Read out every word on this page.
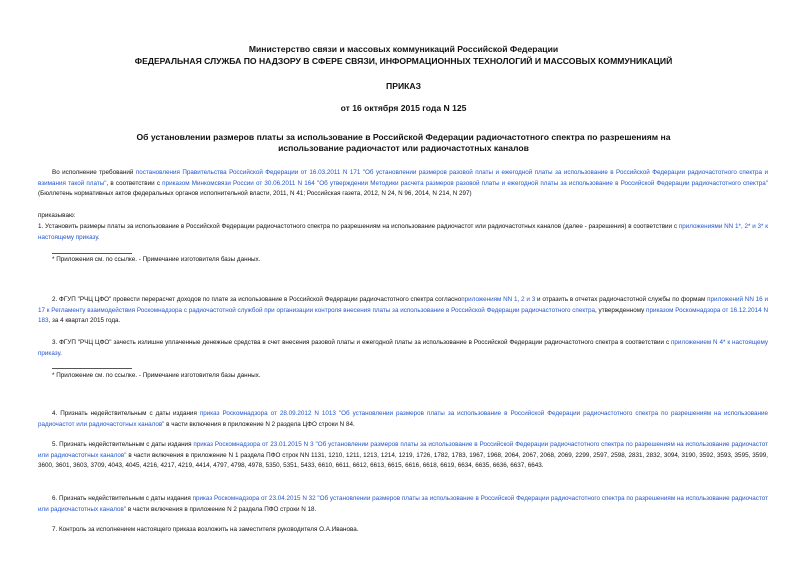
Министерство связи и массовых коммуникаций Российской Федерации
ФЕДЕРАЛЬНАЯ СЛУЖБА ПО НАДЗОРУ В СФЕРЕ СВЯЗИ, ИНФОРМАЦИОННЫХ ТЕХНОЛОГИЙ И МАССОВЫХ КОММУНИКАЦИЙ
ПРИКАЗ
от 16 октября 2015 года N 125
Об установлении размеров платы за использование в Российской Федерации радиочастотного спектра по разрешениям на использование радиочастот или радиочастотных каналов
Во исполнение требований постановления Правительства Российской Федерации от 16.03.2011 N 171 "Об установлении размеров разовой платы и ежегодной платы за использование в Российской Федерации радиочастотного спектра и взимания такой платы", в соответствии с приказом Минкомсвязи России от 30.06.2011 N 164 "Об утверждении Методики расчета размеров разовой платы и ежегодной платы за использование в Российской Федерации радиочастотного спектра" (Бюллетень нормативных актов федеральных органов исполнительной власти, 2011, N 41; Российская газета, 2012, N 24, N 96, 2014, N 214, N 297)
приказываю:
1. Установить размеры платы за использование в Российской Федерации радиочастотного спектра по разрешениям на использование радиочастот или радиочастотных каналов (далее - разрешения) в соответствии с приложениями NN 1*, 2* и 3* к настоящему приказу.
* Приложения см. по ссылке. - Примечание изготовителя базы данных.
2. ФГУП "РЧЦ ЦФО" провести перерасчет доходов по плате за использование в Российской Федерации радиочастотного спектра согласноприложениям NN 1, 2 и 3 и отразить в отчетах радиочастотной службы по формам приложений NN 16 и 17 к Регламенту взаимодействия Роскомнадзора с радиочастотной службой при организации контроля внесения платы за использование в Российской Федерации радиочастотного спектра, утвержденному приказом Роскомнадзора от 16.12.2014 N 183, за 4 квартал 2015 года.
3. ФГУП "РЧЦ ЦФО" зачесть излишне уплаченные денежные средства в счет внесения разовой платы и ежегодной платы за использование в Российской Федерации радиочастотного спектра в соответствии с приложением N 4* к настоящему приказу.
* Приложение см. по ссылке. - Примечание изготовителя базы данных.
4. Признать недействительным с даты издания приказ Роскомнадзора от 28.09.2012 N 1013 "Об установлении размеров платы за использование в Российской Федерации радиочастотного спектра по разрешениям на использование радиочастот или радиочастотных каналов" в части включения в приложение N 2 раздела ЦФО строки N 84.
5. Признать недействительным с даты издания приказ Роскомнадзора от 23.01.2015 N 3 "Об установлении размеров платы за использование в Российской Федерации радиочастотного спектра по разрешениям на использование радиочастот или радиочастотных каналов" в части включения в приложение N 1 раздела ПФО строк NN 1131, 1210, 1211, 1213, 1214, 1219, 1726, 1782, 1783, 1967, 1968, 2064, 2067, 2068, 2069, 2299, 2597, 2598, 2831, 2832, 3094, 3190, 3592, 3593, 3595, 3599, 3600, 3601, 3603, 3709, 4043, 4045, 4216, 4217, 4219, 4414, 4797, 4798, 4978, 5350, 5351, 5433, 6610, 6611, 6612, 6613, 6615, 6616, 6618, 6619, 6634, 6635, 6636, 6637, 6643.
6. Признать недействительным с даты издания приказ Роскомнадзора от 23.04.2015 N 32 "Об установлении размеров платы за использование в Российской Федерации радиочастотного спектра по разрешениям на использование радиочастот или радиочастотных каналов" в части включения в приложение N 2 раздела ПФО строки N 18.
7. Контроль за исполнением настоящего приказа возложить на заместителя руководителя О.А.Иванова.
